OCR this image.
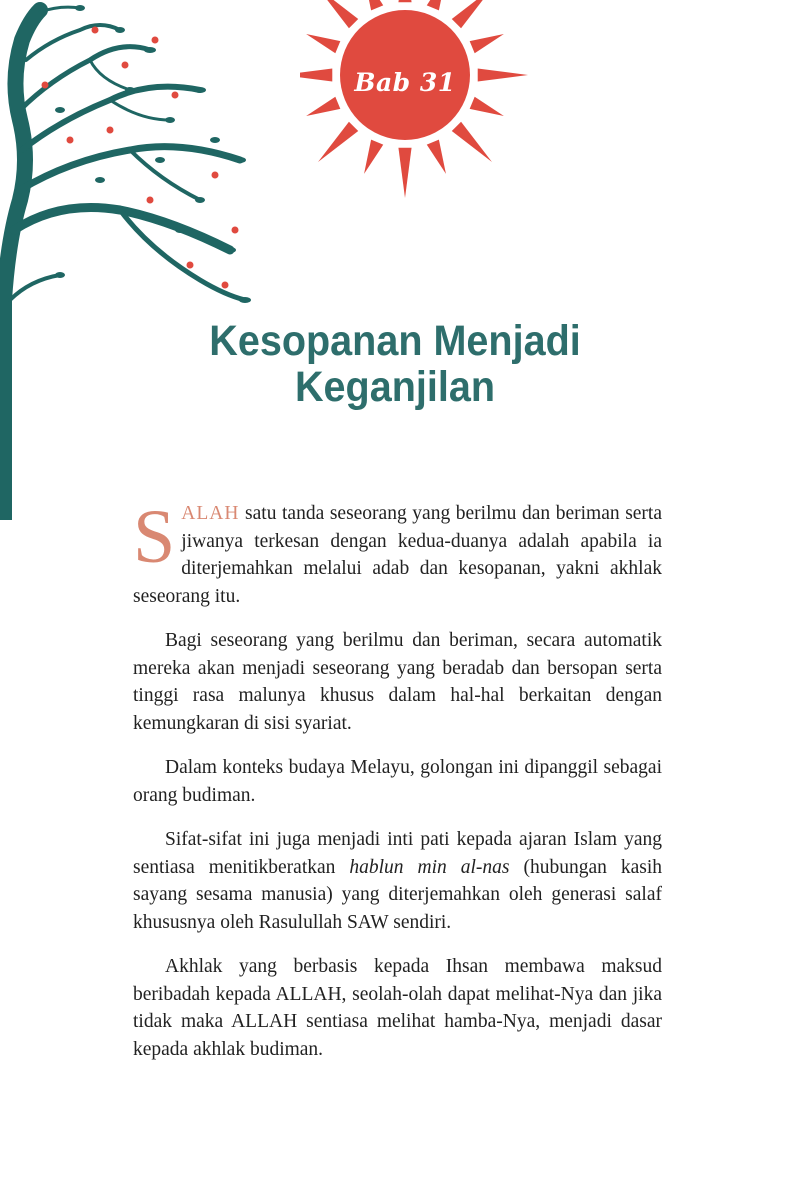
Bab 31
Kesopanan Menjadi
Keganjilan

SALAH satu tanda seseorang yang berilmu dan beriman serta jiwanya terkesan dengan kedua-duanya adalah apabila ia diterjemahkan melalui adab dan kesopanan, yakni akhlak seseorang itu.

Bagi seseorang yang berilmu dan beriman, secara automatik mereka akan menjadi seseorang yang beradab dan bersopan serta tinggi rasa malunya khusus dalam hal-hal berkaitan dengan kemungkaran di sisi syariat.

Dalam konteks budaya Melayu, golongan ini dipanggil sebagai orang budiman.

Sifat-sifat ini juga menjadi inti pati kepada ajaran Islam yang sentiasa menitikberatkan hablun min al-nas (hubungan kasih sayang sesama manusia) yang diterjemahkan oleh generasi salaf khususnya oleh Rasulullah SAW sendiri.

Akhlak yang berbasis kepada Ihsan membawa maksud beribadah kepada ALLAH, seolah-olah dapat melihat-Nya dan jika tidak maka ALLAH sentiasa melihat hamba-Nya, menjadi dasar kepada akhlak budiman.
